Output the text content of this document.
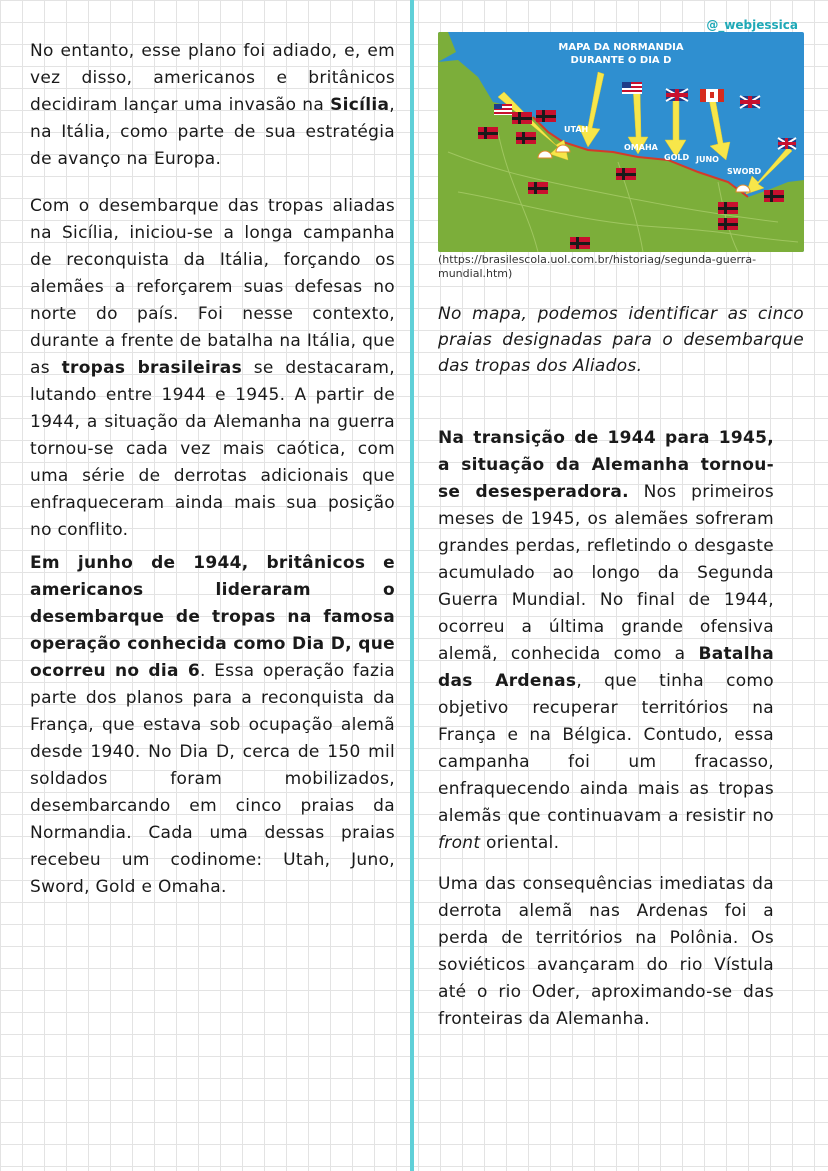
@_webjessica

No entanto, esse plano foi adiado, e, em vez disso, americanos e britânicos decidiram lançar uma invasão na Sicília, na Itália, como parte de sua estratégia de avanço na Europa.

Com o desembarque das tropas aliadas na Sicília, iniciou-se a longa campanha de reconquista da Itália, forçando os alemães a reforçarem suas defesas no norte do país. Foi nesse contexto, durante a frente de batalha na Itália, que as tropas brasileiras se destacaram, lutando entre 1944 e 1945. A partir de 1944, a situação da Alemanha na guerra tornou-se cada vez mais caótica, com uma série de derrotas adicionais que enfraqueceram ainda mais sua posição no conflito.

Em junho de 1944, britânicos e americanos lideraram o desembarque de tropas na famosa operação conhecida como Dia D, que ocorreu no dia 6. Essa operação fazia parte dos planos para a reconquista da França, que estava sob ocupação alemã desde 1940. No Dia D, cerca de 150 mil soldados foram mobilizados, desembarcando em cinco praias da Normandia. Cada uma dessas praias recebeu um codinome: Utah, Juno, Sword, Gold e Omaha.

MAPA DA NORMANDIA
DURANTE O DIA D
UTAH
OMAHA
GOLD JUNO
SWORD
(https://brasilescola.uol.com.br/historiag/segunda-guerra-mundial.htm)
No mapa, podemos identificar as cinco praias designadas para o desembarque das tropas dos Aliados.

Na transição de 1944 para 1945, a situação da Alemanha tornou-se desesperadora. Nos primeiros meses de 1945, os alemães sofreram grandes perdas, refletindo o desgaste acumulado ao longo da Segunda Guerra Mundial. No final de 1944, ocorreu a última grande ofensiva alemã, conhecida como a Batalha das Ardenas, que tinha como objetivo recuperar territórios na França e na Bélgica. Contudo, essa campanha foi um fracasso, enfraquecendo ainda mais as tropas alemãs que continuavam a resistir no front oriental.

Uma das consequências imediatas da derrota alemã nas Ardenas foi a perda de territórios na Polônia. Os soviéticos avançaram do rio Vístula até o rio Oder, aproximando-se das fronteiras da Alemanha.
